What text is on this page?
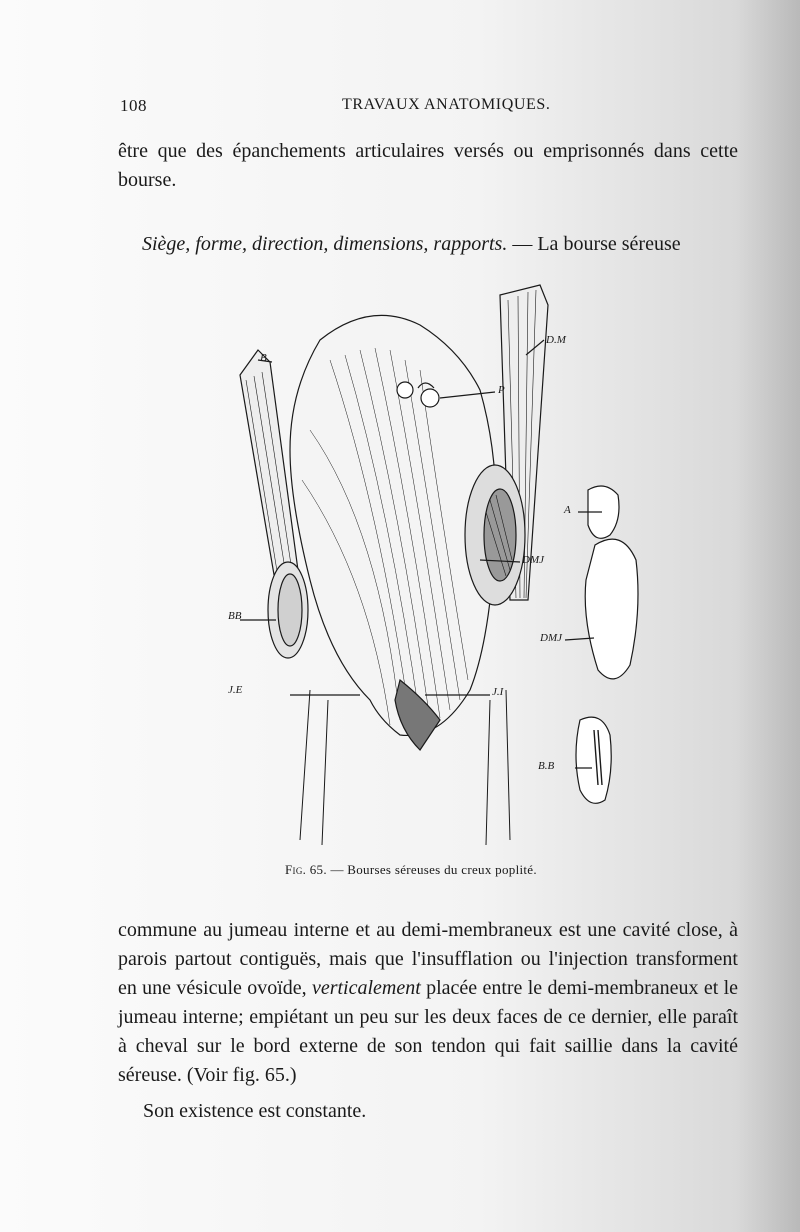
108	TRAVAUX ANATOMIQUES.
être que des épanchements articulaires versés ou emprisonnés dans cette bourse.
Siège, forme, direction, dimensions, rapports. — La bourse séreuse
B
D.M
P
A
DMJ
DMJ
BB
J.E	J.I
B.B
Fig. 65. — Bourses séreuses du creux poplité.
commune au jumeau interne et au demi-membraneux est une cavité close, à parois partout contiguës, mais que l'insufflation ou l'injection transforment en une vésicule ovoïde, verticalement placée entre le demi-membraneux et le jumeau interne; empiétant un peu sur les deux faces de ce dernier, elle paraît à cheval sur le bord externe de son tendon qui fait saillie dans la cavité séreuse. (Voir fig. 65.)
Son existence est constante.
